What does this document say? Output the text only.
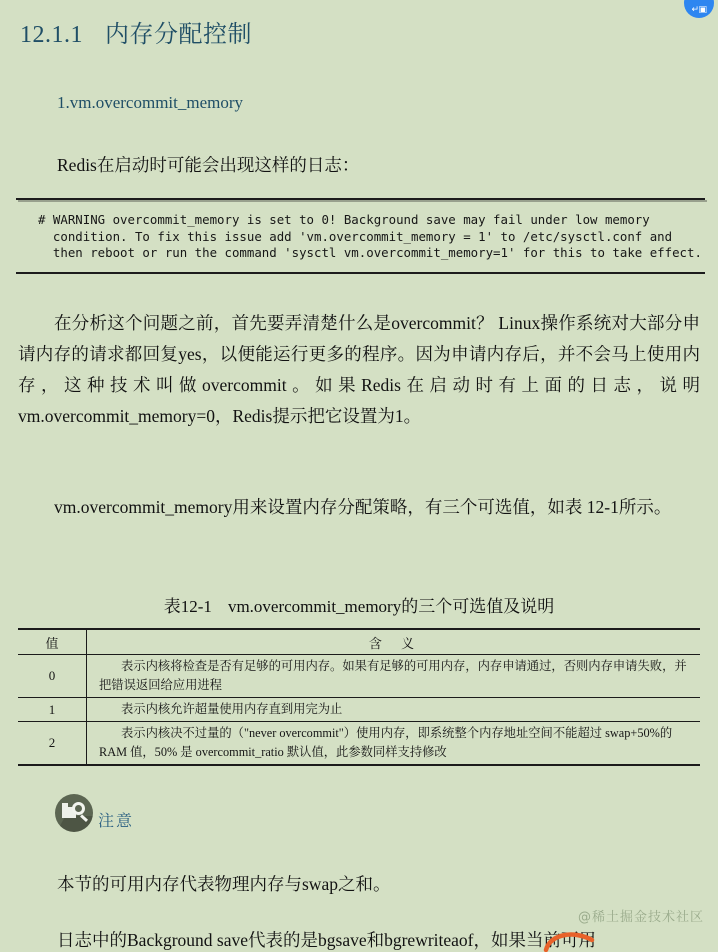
↵▣
12.1.1 内存分配控制
1.vm.overcommit_memory
Redis在启动时可能会出现这样的日志：
# WARNING overcommit_memory is set to 0! Background save may fail under low memory
condition. To fix this issue add 'vm.overcommit_memory = 1' to /etc/sysctl.conf and
then reboot or run the command 'sysctl vm.overcommit_memory=1' for this to take effect.
在分析这个问题之前，首先要弄清楚什么是overcommit？ Linux操作系统对大部分申请内存的请求都回复yes，以便能运行更多的程序。因为申请内存后，并不会马上使用内存，这种技术叫做overcommit。如果Redis在启动时有上面的日志，说明vm.overcommit_memory=0，Redis提示把它设置为1。
vm.overcommit_memory用来设置内存分配策略，有三个可选值，如表 12-1所示。
表12-1 vm.overcommit_memory的三个可选值及说明
值	含 义
0	表示内核将检查是否有足够的可用内存。如果有足够的可用内存，内存申请通过，否则内存申请失败，并把错误返回给应用进程
1	表示内核允许超量使用内存直到用完为止
2	表示内核决不过量的（"never overcommit"）使用内存，即系统整个内存地址空间不能超过 swap+50%的 RAM 值，50% 是 overcommit_ratio 默认值，此参数同样支持修改
注意
本节的可用内存代表物理内存与swap之和。
@稀土掘金技术社区
日志中的Background save代表的是bgsave和bgrewriteaof，如果当前可用
